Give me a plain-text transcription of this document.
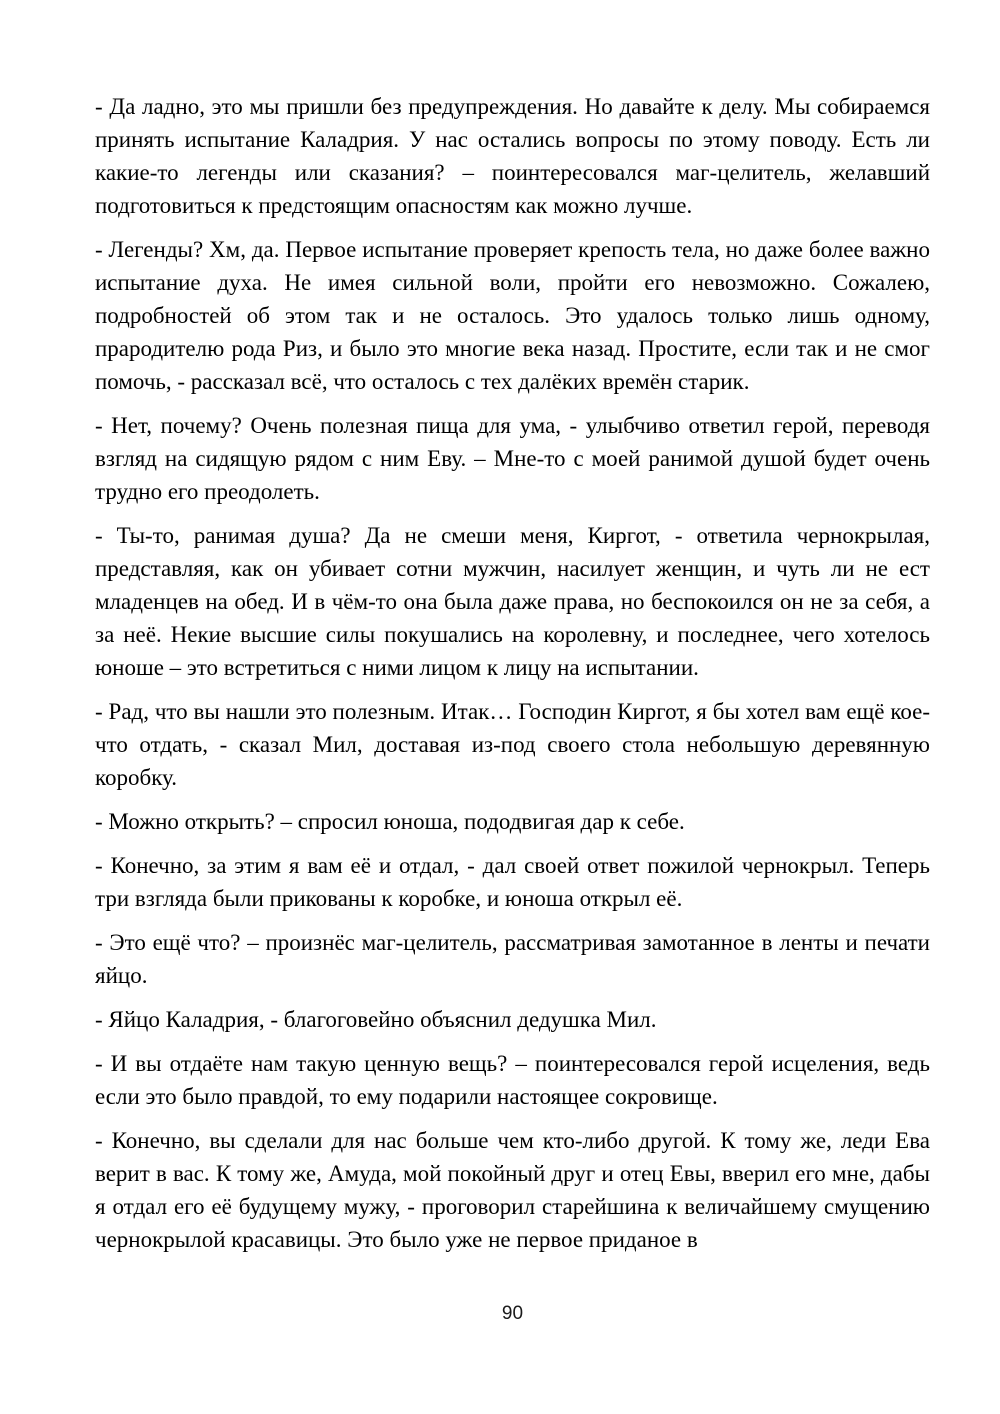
- Да ладно, это мы пришли без предупреждения. Но давайте к делу. Мы собираемся принять испытание Каладрия. У нас остались вопросы по этому поводу. Есть ли какие-то легенды или сказания? – поинтересовался маг-целитель, желавший подготовиться к предстоящим опасностям как можно лучше.

- Легенды? Хм, да. Первое испытание проверяет крепость тела, но даже более важно испытание духа. Не имея сильной воли, пройти его невозможно. Сожалею, подробностей об этом так и не осталось. Это удалось только лишь одному, прародителю рода Риз, и было это многие века назад. Простите, если так и не смог помочь, - рассказал всё, что осталось с тех далёких времён старик.

- Нет, почему? Очень полезная пища для ума, - улыбчиво ответил герой, переводя взгляд на сидящую рядом с ним Еву. – Мне-то с моей ранимой душой будет очень трудно его преодолеть.

- Ты-то, ранимая душа? Да не смеши меня, Киргот, - ответила чернокрылая, представляя, как он убивает сотни мужчин, насилует женщин, и чуть ли не ест младенцев на обед. И в чём-то она была даже права, но беспокоился он не за себя, а за неё. Некие высшие силы покушались на королевну, и последнее, чего хотелось юноше – это встретиться с ними лицом к лицу на испытании.

- Рад, что вы нашли это полезным. Итак… Господин Киргот, я бы хотел вам ещё кое-что отдать, - сказал Мил, доставая из-под своего стола небольшую деревянную коробку.

- Можно открыть? – спросил юноша, пододвигая дар к себе.

- Конечно, за этим я вам её и отдал, - дал своей ответ пожилой чернокрыл. Теперь три взгляда были прикованы к коробке, и юноша открыл её.

- Это ещё что? – произнёс маг-целитель, рассматривая замотанное в ленты и печати яйцо.

- Яйцо Каладрия, - благоговейно объяснил дедушка Мил.

- И вы отдаёте нам такую ценную вещь? – поинтересовался герой исцеления, ведь если это было правдой, то ему подарили настоящее сокровище.

- Конечно, вы сделали для нас больше чем кто-либо другой. К тому же, леди Ева верит в вас. К тому же, Амуда, мой покойный друг и отец Евы, вверил его мне, дабы я отдал его её будущему мужу, - проговорил старейшина к величайшему смущению чернокрылой красавицы. Это было уже не первое приданое в

90
